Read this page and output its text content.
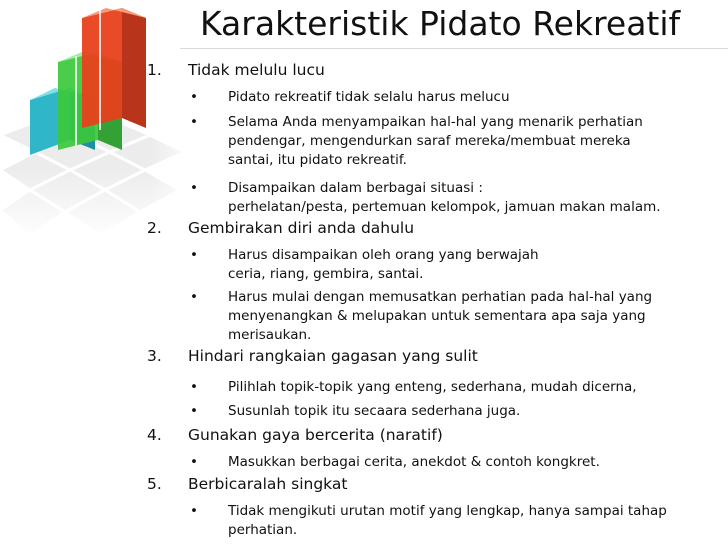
Karakteristik Pidato Rekreatif
1. Tidak melulu lucu
• Pidato rekreatif tidak selalu harus melucu
• Selama Anda menyampaikan hal-hal yang menarik perhatian
pendengar, mengendurkan saraf mereka/membuat mereka
santai, itu pidato rekreatif.
• Disampaikan dalam berbagai situasi :
perhelatan/pesta, pertemuan kelompok, jamuan makan malam.
2. Gembirakan diri anda dahulu
• Harus disampaikan oleh orang yang berwajah
ceria, riang, gembira, santai.
• Harus mulai dengan memusatkan perhatian pada hal-hal yang
menyenangkan & melupakan untuk sementara apa saja yang
merisaukan.
3. Hindari rangkaian gagasan yang sulit
• Pilihlah topik-topik yang enteng, sederhana, mudah dicerna,
• Susunlah topik itu secaara sederhana juga.
4. Gunakan gaya bercerita (naratif)
• Masukkan berbagai cerita, anekdot & contoh kongkret.
5. Berbicaralah singkat
• Tidak mengikuti urutan motif yang lengkap, hanya sampai tahap
perhatian.
